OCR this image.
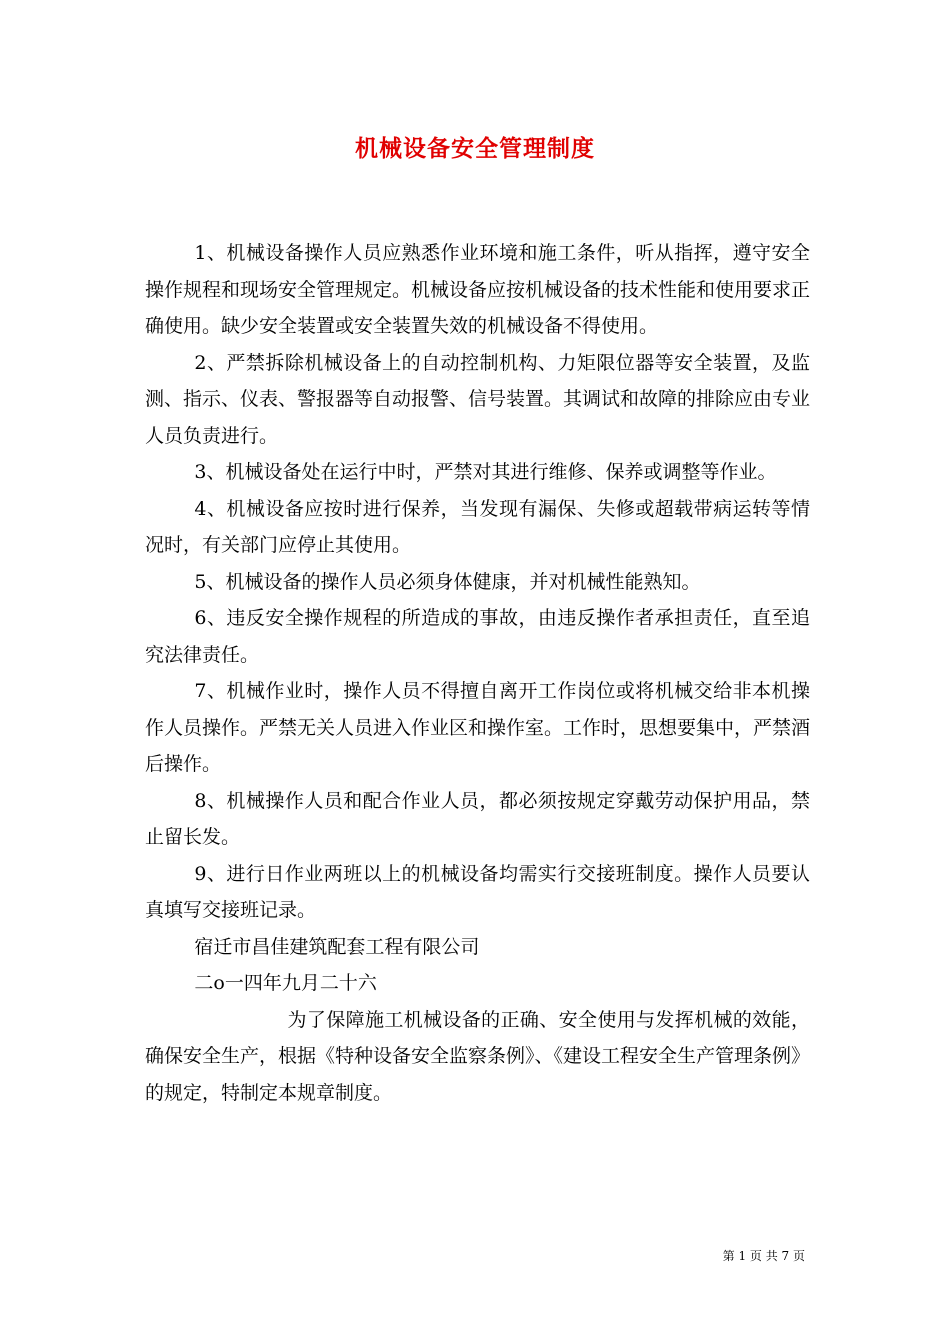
机械设备安全管理制度

1、机械设备操作人员应熟悉作业环境和施工条件，听从指挥，遵守安全操作规程和现场安全管理规定。机械设备应按机械设备的技术性能和使用要求正确使用。缺少安全装置或安全装置失效的机械设备不得使用。

2、严禁拆除机械设备上的自动控制机构、力矩限位器等安全装置，及监测、指示、仪表、警报器等自动报警、信号装置。其调试和故障的排除应由专业人员负责进行。

3、机械设备处在运行中时，严禁对其进行维修、保养或调整等作业。

4、机械设备应按时进行保养，当发现有漏保、失修或超载带病运转等情况时，有关部门应停止其使用。

5、机械设备的操作人员必须身体健康，并对机械性能熟知。

6、违反安全操作规程的所造成的事故，由违反操作者承担责任，直至追究法律责任。

7、机械作业时，操作人员不得擅自离开工作岗位或将机械交给非本机操作人员操作。严禁无关人员进入作业区和操作室。工作时，思想要集中，严禁酒后操作。

8、机械操作人员和配合作业人员，都必须按规定穿戴劳动保护用品，禁止留长发。

9、进行日作业两班以上的机械设备均需实行交接班制度。操作人员要认真填写交接班记录。

宿迁市昌佳建筑配套工程有限公司

二o一四年九月二十六

为了保障施工机械设备的正确、安全使用与发挥机械的效能，确保安全生产，根据《特种设备安全监察条例》、《建设工程安全生产管理条例》的规定，特制定本规章制度。

第 1 页 共 7 页
